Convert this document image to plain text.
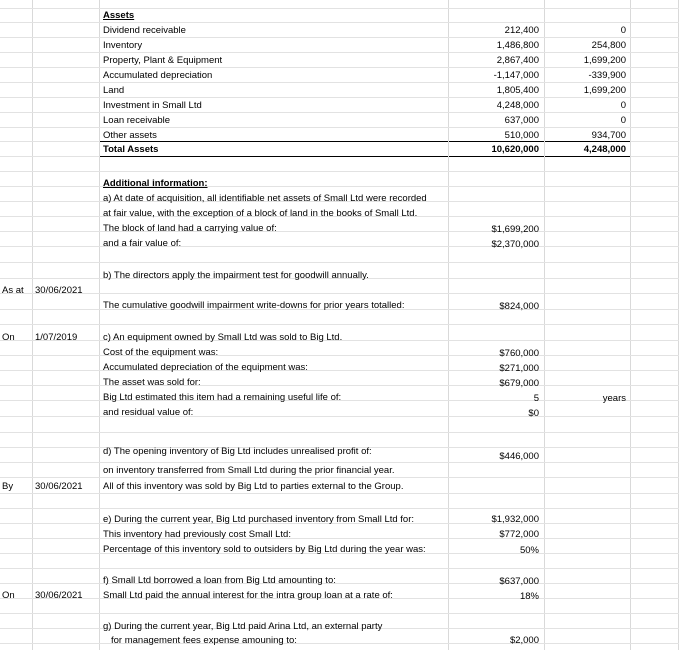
Assets
Dividend receivable	212,400	0
Inventory	1,486,800	254,800
Property, Plant & Equipment	2,867,400	1,699,200
Accumulated depreciation	-1,147,000	-339,900
Land	1,805,400	1,699,200
Investment in Small Ltd	4,248,000	0
Loan receivable	637,000	0
Other assets	510,000	934,700
Total Assets	10,620,000	4,248,000
Additional information:
a) At date of acquisition, all identifiable net assets of Small Ltd were recorded
at fair value, with the exception of a block of land in the books of Small Ltd.
The block of land had a carrying value of:	$1,699,200
and a fair value of:	$2,370,000
b) The directors apply the impairment test for goodwill annually.
As at 30/06/2021
The cumulative goodwill impairment write-downs for prior years totalled:	$824,000
On 1/07/2019	c) An equipment owned by Small Ltd was sold to Big Ltd.
Cost of the equipment was:	$760,000
Accumulated depreciation of the equipment was:	$271,000
The asset was sold for:	$679,000
Big Ltd estimated this item had a remaining useful life of:	5	years
and residual value of:	$0
d) The opening inventory of Big Ltd includes unrealised profit of:	$446,000
on inventory transferred from Small Ltd during the prior financial year.
By 30/06/2021 All of this inventory was sold by Big Ltd to parties external to the Group.
e) During the current year, Big Ltd purchased inventory from Small Ltd for:	$1,932,000
This inventory had previously cost Small Ltd:	$772,000
Percentage of this inventory sold to outsiders by Big Ltd during the year was:	50%
f) Small Ltd borrowed a loan from Big Ltd amounting to:	$637,000
On 30/06/2021 Small Ltd paid the annual interest for the intra group loan at a rate of:	18%
g) During the current year, Big Ltd paid Arina Ltd, an external party
for management fees expense amouning to:	$2,000
